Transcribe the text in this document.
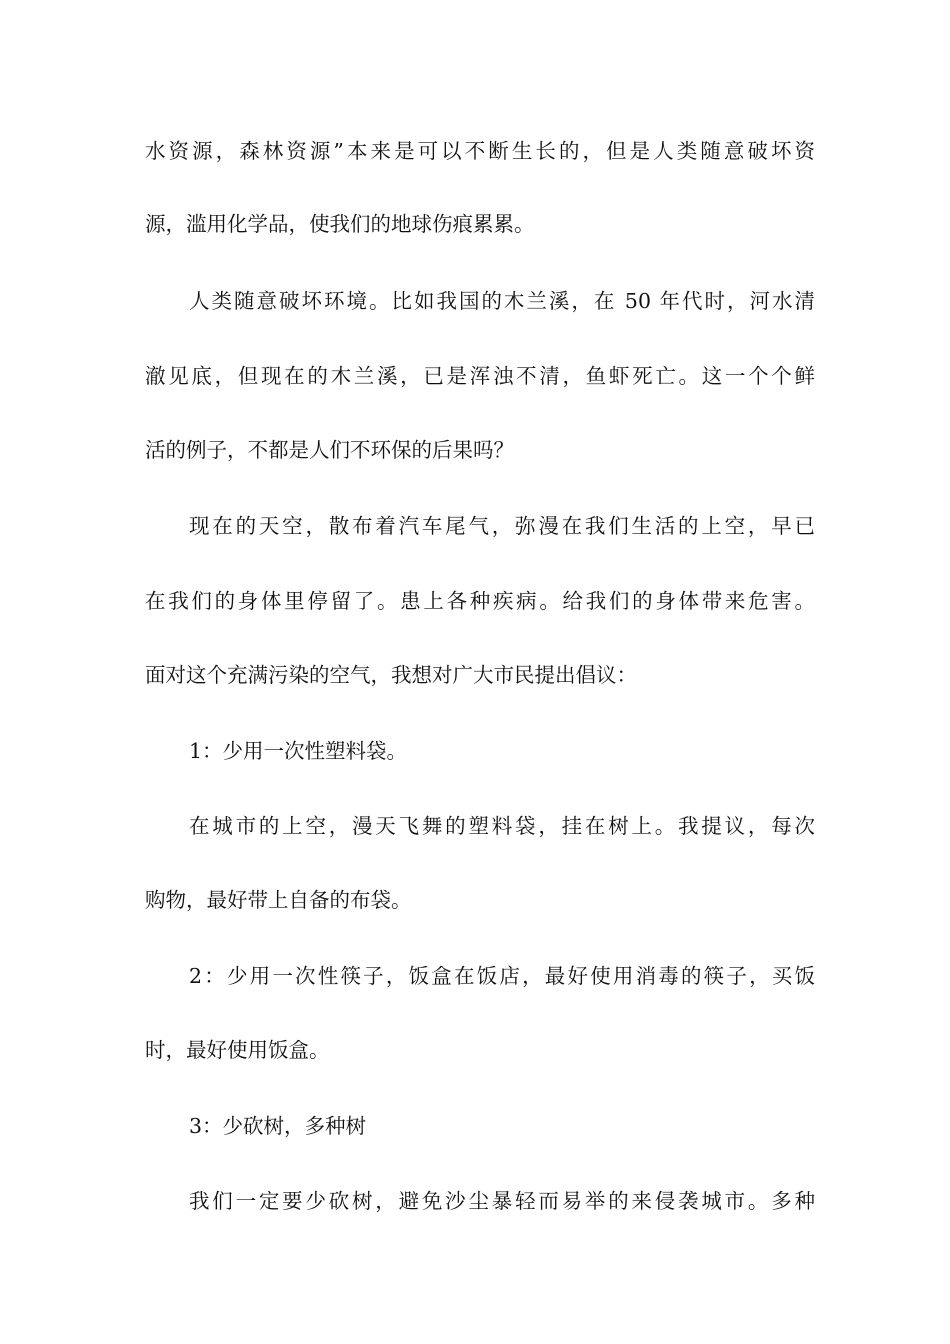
水资源，森林资源”本来是可以不断生长的，但是人类随意破坏资
源，滥用化学品，使我们的地球伤痕累累。
人类随意破坏环境。比如我国的木兰溪，在 50 年代时，河水清
澈见底，但现在的木兰溪，已是浑浊不清，鱼虾死亡。这一个个鲜
活的例子，不都是人们不环保的后果吗？
现在的天空，散布着汽车尾气，弥漫在我们生活的上空，早已
在我们的身体里停留了。患上各种疾病。给我们的身体带来危害。
面对这个充满污染的空气，我想对广大市民提出倡议：
1：少用一次性塑料袋。
在城市的上空，漫天飞舞的塑料袋，挂在树上。我提议，每次
购物，最好带上自备的布袋。
2：少用一次性筷子，饭盒在饭店，最好使用消毒的筷子，买饭
时，最好使用饭盒。
3：少砍树，多种树
我们一定要少砍树，避免沙尘暴轻而易举的来侵袭城市。多种
